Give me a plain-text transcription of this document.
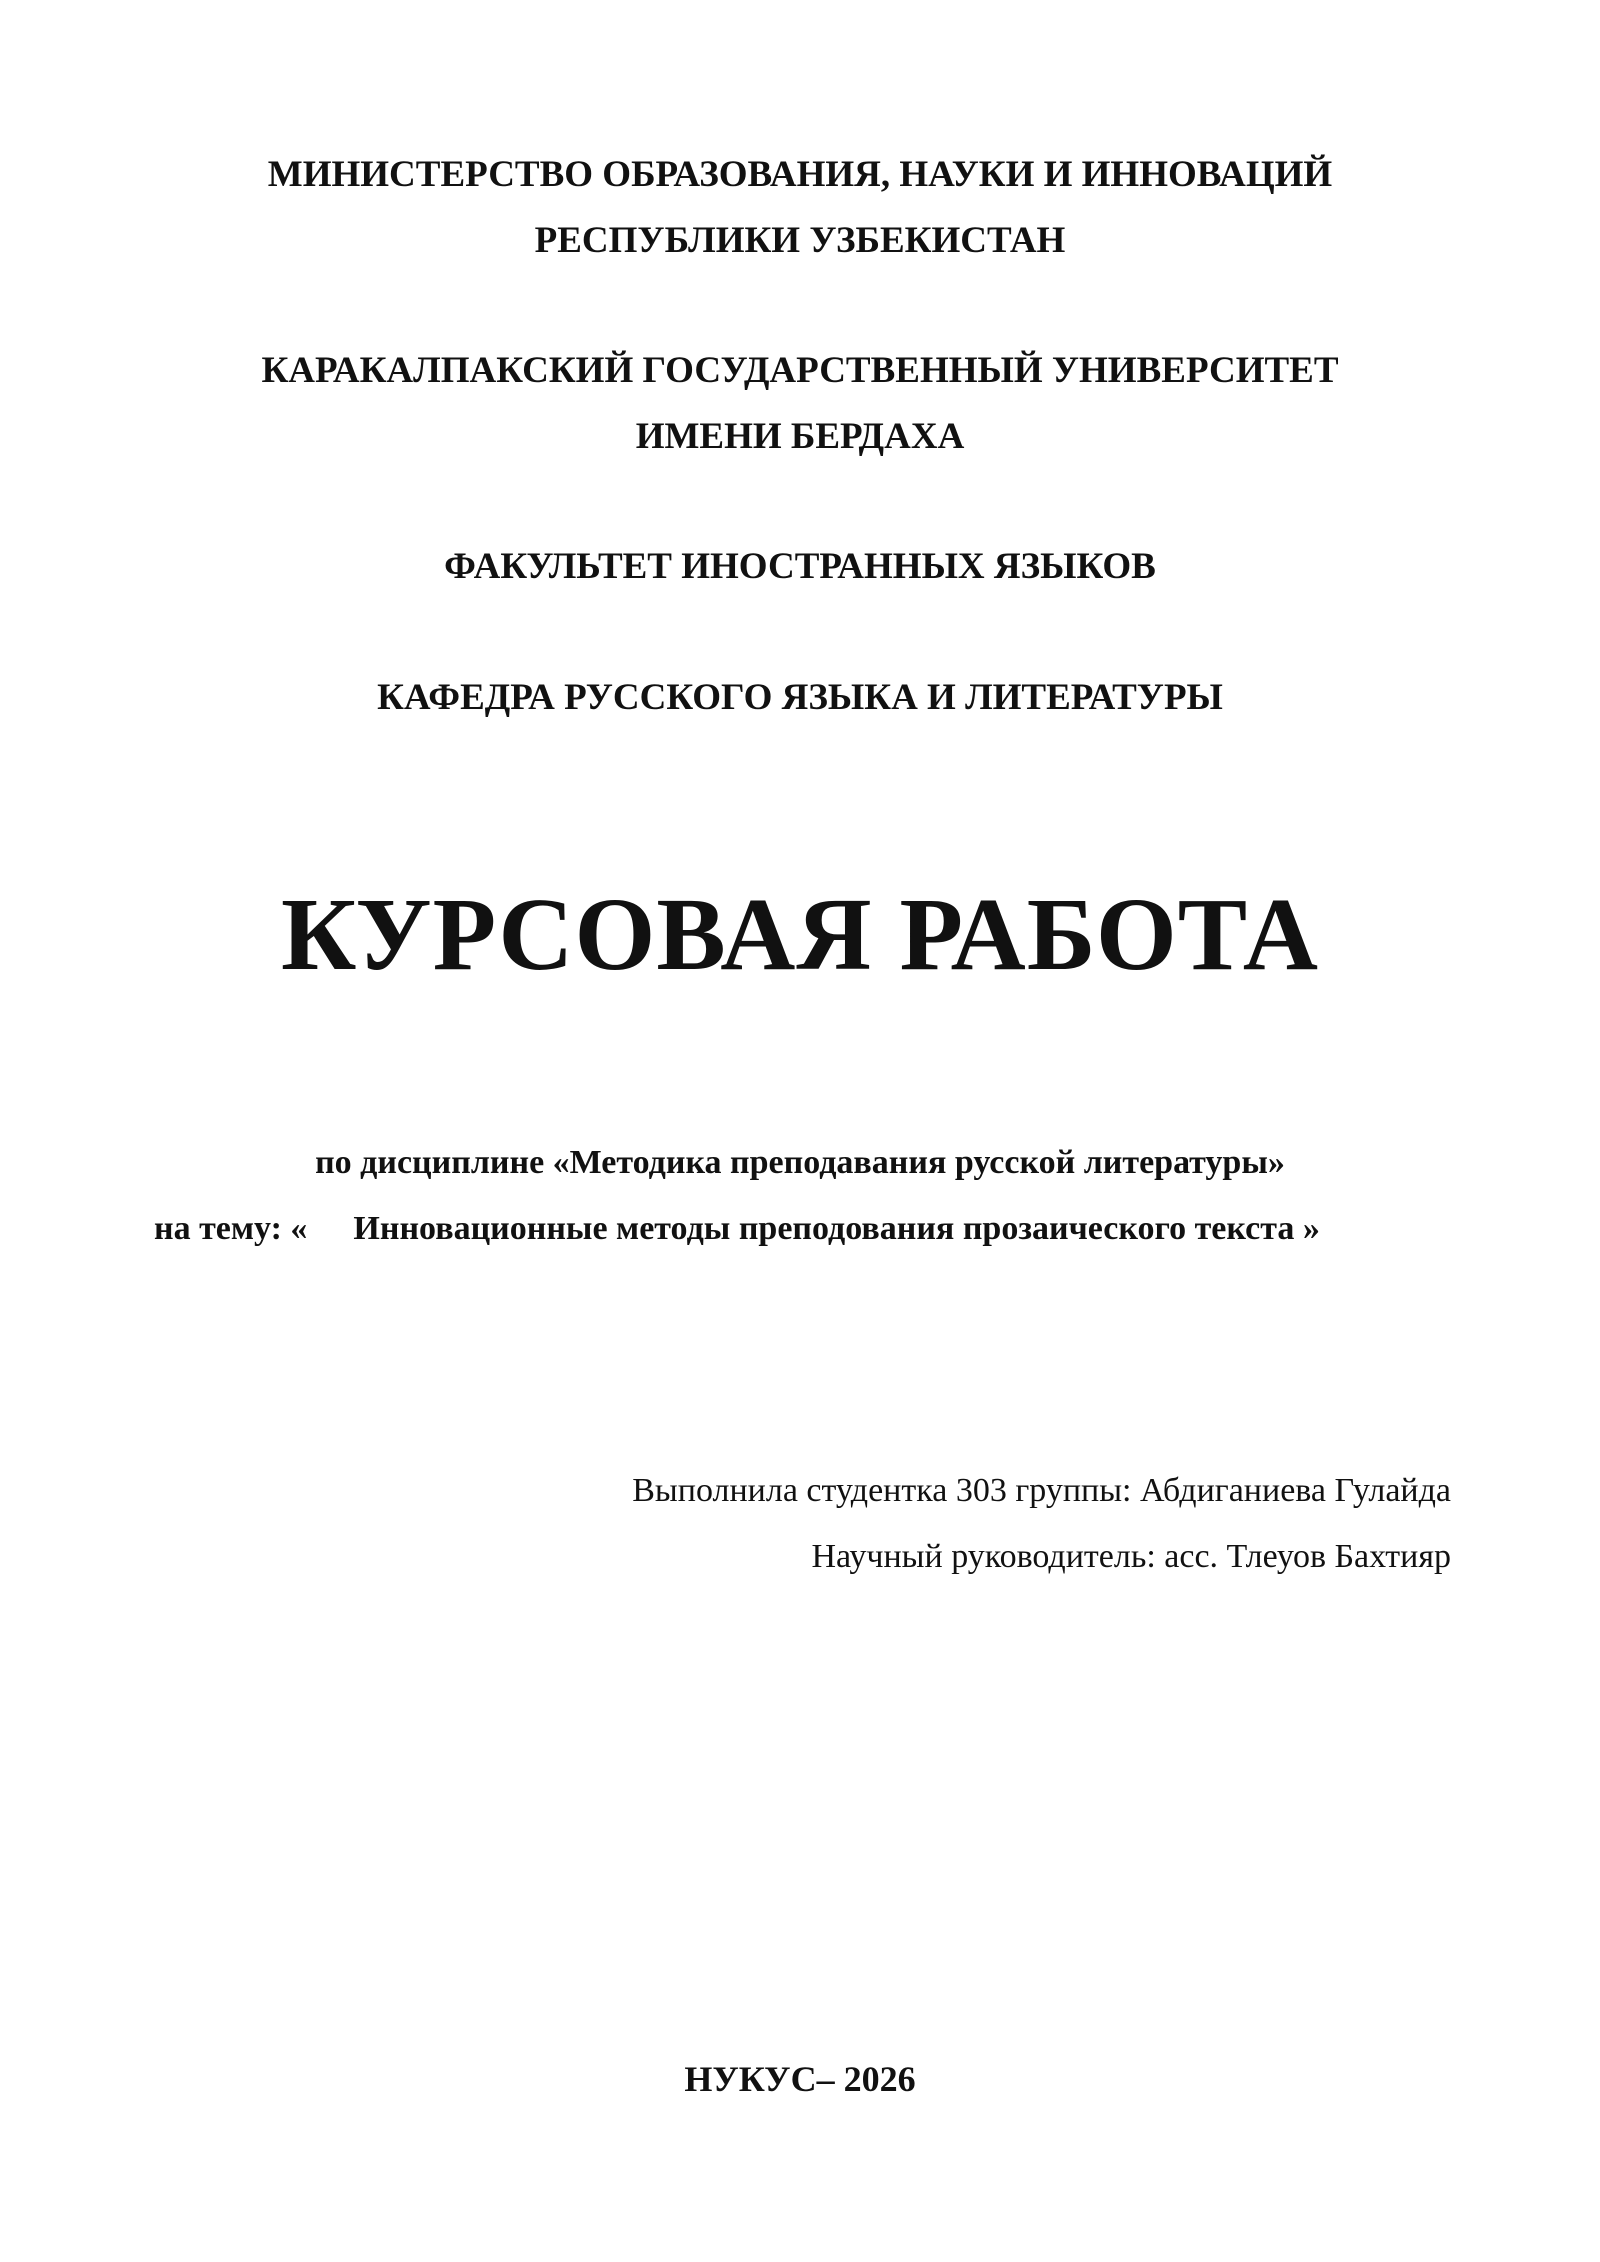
МИНИСТЕРСТВО ОБРАЗОВАНИЯ, НАУКИ И ИННОВАЦИЙ
РЕСПУБЛИКИ УЗБЕКИСТАН
КАРАКАЛПАКСКИЙ ГОСУДАРСТВЕННЫЙ УНИВЕРСИТЕТ
ИМЕНИ БЕРДАХА
ФАКУЛЬТЕТ ИНОСТРАННЫХ ЯЗЫКОВ
КАФЕДРА РУССКОГО ЯЗЫКА И ЛИТЕРАТУРЫ
КУРСОВАЯ РАБОТА
по дисциплине «Методика преподавания русской литературы»
на тему: « Инновационные методы преподования прозаического текста »
Выполнила студентка 303 группы: Абдиганиева Гулайда
Научный руководитель: асс. Тлеуов Бахтияр
НУКУС– 2026
